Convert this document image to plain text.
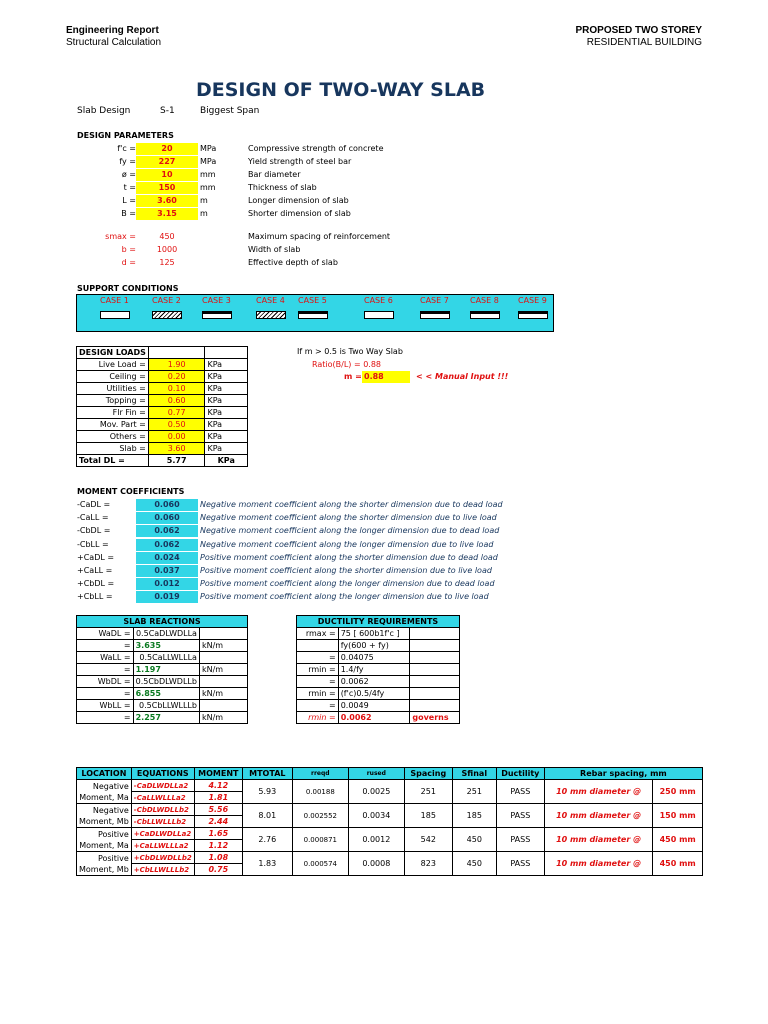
Engineering Report
Structural Calculation
PROPOSED TWO STOREY
RESIDENTIAL BUILDING
DESIGN OF TWO-WAY SLAB
Slab Design	S-1	Biggest Span
DESIGN PARAMETERS
f'c =	20	MPa	Compressive strength of concrete
fy =	227	MPa	Yield strength of steel bar
ø =	10	mm	Bar diameter
t =	150	mm	Thickness of slab
L =	3.60	m	Longer dimension of slab
B =	3.15	m	Shorter dimension of slab
smax =	450	Maximum spacing of reinforcement
b =	1000	Width of slab
d =	125	Effective depth of slab
SUPPORT CONDITIONS
CASE 1	CASE 2	CASE 3	CASE 4 CASE 5	CASE 6	CASE 7	CASE 8 CASE 9
DESIGN LOADS		
Live Load =	1.90	KPa
Ceiling =	0.20	KPa
Utilities =	0.10	KPa
Topping =	0.60	KPa
Flr Fin =	0.77	KPa
Mov. Part =	0.50	KPa
Others =	0.00	KPa
Slab =	3.60	KPa
Total DL =	5.77	KPa
If m > 0.5 is Two Way Slab
Ratio(B/L) = 0.88
m = 0.88	< < Manual Input !!!
MOMENT COEFFICIENTS
-CaDL =	0.060	Negative moment coefficient along the shorter dimension due to dead load
-CaLL =	0.060	Negative moment coefficient along the shorter dimension due to live load
-CbDL =	0.062	Negative moment coefficient along the longer dimension due to dead load
-CbLL =	0.062	Negative moment coefficient along the longer dimension due to live load
+CaDL =	0.024	Positive moment coefficient along the shorter dimension due to dead load
+CaLL =	0.037	Positive moment coefficient along the shorter dimension due to live load
+CbDL =	0.012	Positive moment coefficient along the longer dimension due to dead load
+CbLL =	0.019	Positive moment coefficient along the longer dimension due to live load
SLAB REACTIONS		
WaDL =	0.5CaDLWDLLa	
=	3.635	kN/m
WaLL =	0.5CaLLWLLLa	
=	1.197	kN/m
WbDL =	0.5CbDLWDLLb	
=	6.855	kN/m
WbLL =	0.5CbLLWLLLb	
=	2.257	kN/m
DUCTILITY REQUIREMENTS		
rmax =	75 [ 600b1f'c ]	
	fy(600 + fy)	
=	0.04075	
rmin =	1.4/fy	
=	0.0062	
rmin =	(f'c)0.5/4fy	
=	0.0049	
rmin =	0.0062	governs
LOCATION	EQUATIONS	MOMENT	MTOTAL	rreqd	rused	Spacing	Sfinal	Ductility	Rebar spacing, mm	

Negative
Moment, Ma	-CaDLWDLLa2	4.12	5.93	0.00188	0.0025	251	251	PASS	10 mm diameter @	250 mm
	-CaLLWLLLa2	1.81								

Negative
Moment, Mb	-CbDLWDLLb2	5.56	8.01	0.002552	0.0034	185	185	PASS	10 mm diameter @	150 mm
	-CbLLWLLLb2	2.44								

Positive
Moment, Ma	+CaDLWDLLa2	1.65	2.76	0.000871	0.0012	542	450	PASS	10 mm diameter @	450 mm
	+CaLLWLLLa2	1.12								

Positive
Moment, Mb	+CbDLWDLLb2	1.08	1.83	0.000574	0.0008	823	450	PASS	10 mm diameter @	450 mm
	+CbLLWLLLb2	0.75								
